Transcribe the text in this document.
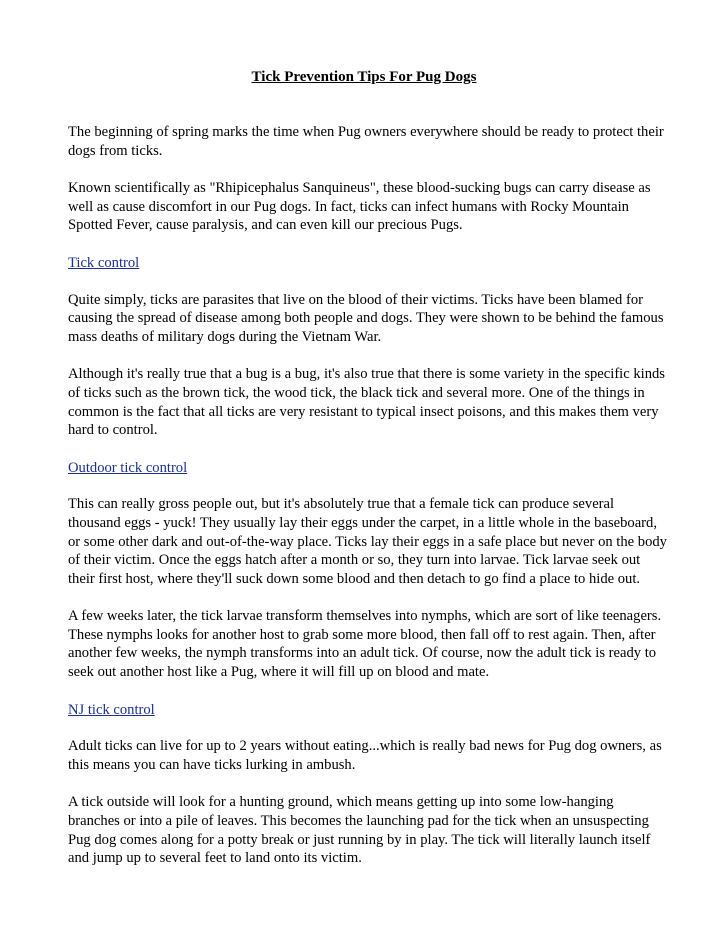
Tick Prevention Tips For Pug Dogs

The beginning of spring marks the time when Pug owners everywhere should be ready to protect their dogs from ticks.

Known scientifically as "Rhipicephalus Sanquineus", these blood-sucking bugs can carry disease as well as cause discomfort in our Pug dogs. In fact, ticks can infect humans with Rocky Mountain Spotted Fever, cause paralysis, and can even kill our precious Pugs.

Tick control

Quite simply, ticks are parasites that live on the blood of their victims. Ticks have been blamed for causing the spread of disease among both people and dogs. They were shown to be behind the famous mass deaths of military dogs during the Vietnam War.

Although it's really true that a bug is a bug, it's also true that there is some variety in the specific kinds of ticks such as the brown tick, the wood tick, the black tick and several more. One of the things in common is the fact that all ticks are very resistant to typical insect poisons, and this makes them very hard to control.

Outdoor tick control

This can really gross people out, but it's absolutely true that a female tick can produce several thousand eggs - yuck! They usually lay their eggs under the carpet, in a little whole in the baseboard, or some other dark and out-of-the-way place. Ticks lay their eggs in a safe place but never on the body of their victim. Once the eggs hatch after a month or so, they turn into larvae. Tick larvae seek out their first host, where they'll suck down some blood and then detach to go find a place to hide out.

A few weeks later, the tick larvae transform themselves into nymphs, which are sort of like teenagers. These nymphs looks for another host to grab some more blood, then fall off to rest again. Then, after another few weeks, the nymph transforms into an adult tick. Of course, now the adult tick is ready to seek out another host like a Pug, where it will fill up on blood and mate.

NJ tick control

Adult ticks can live for up to 2 years without eating...which is really bad news for Pug dog owners, as this means you can have ticks lurking in ambush.

A tick outside will look for a hunting ground, which means getting up into some low-hanging branches or into a pile of leaves. This becomes the launching pad for the tick when an unsuspecting Pug dog comes along for a potty break or just running by in play. The tick will literally launch itself and jump up to several feet to land onto its victim.
